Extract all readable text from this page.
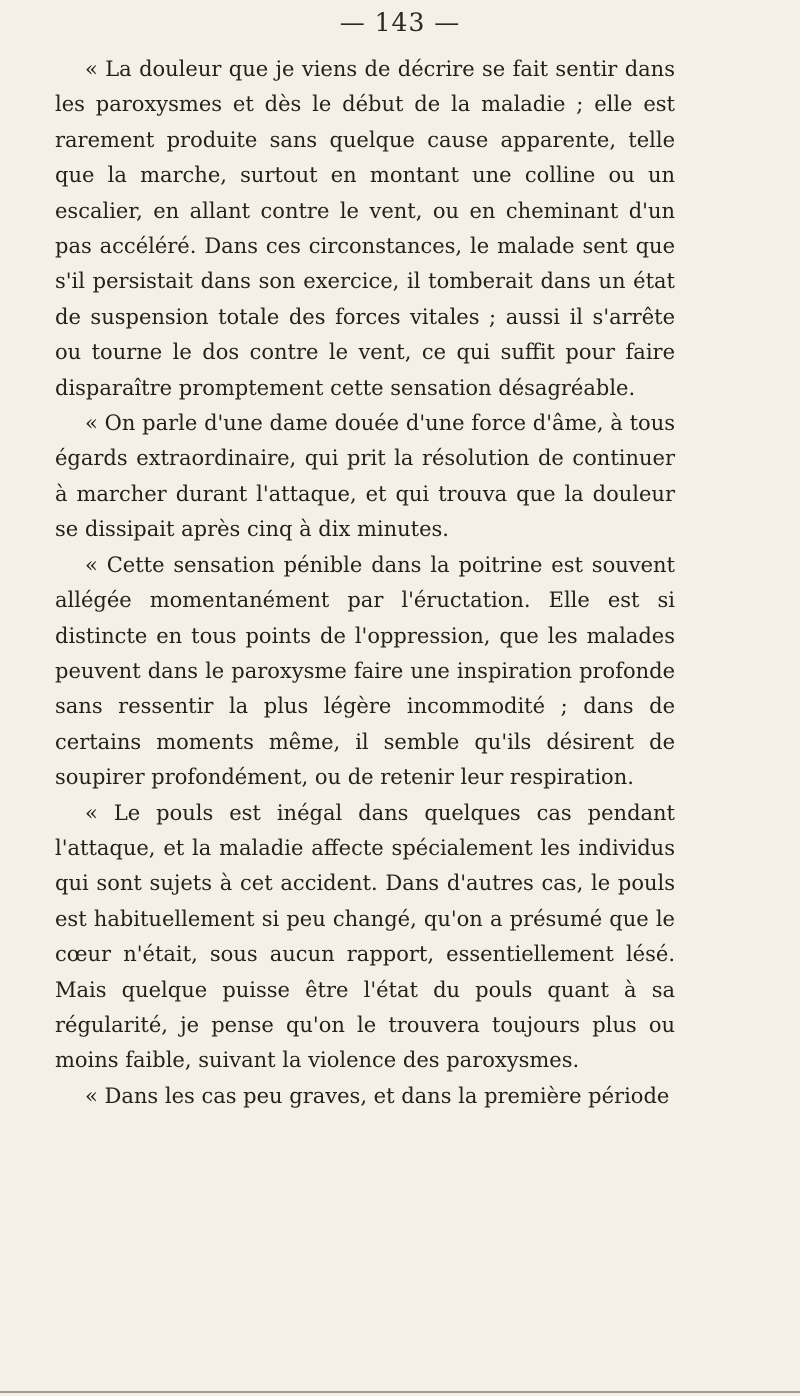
— 143 —

« La douleur que je viens de décrire se fait sentir dans les paroxysmes et dès le début de la maladie ; elle est rarement produite sans quelque cause apparente, telle que la marche, surtout en montant une colline ou un escalier, en allant contre le vent, ou en cheminant d'un pas accéléré. Dans ces circonstances, le malade sent que s'il persistait dans son exercice, il tomberait dans un état de suspension totale des forces vitales ; aussi il s'arrête ou tourne le dos contre le vent, ce qui suffit pour faire disparaître promptement cette sensation désagréable.

« On parle d'une dame douée d'une force d'âme, à tous égards extraordinaire, qui prit la résolution de continuer à marcher durant l'attaque, et qui trouva que la douleur se dissipait après cinq à dix minutes.

« Cette sensation pénible dans la poitrine est souvent allégée momentanément par l'éructation. Elle est si distincte en tous points de l'oppression, que les malades peuvent dans le paroxysme faire une inspiration profonde sans ressentir la plus légère incommodité ; dans de certains moments même, il semble qu'ils désirent de soupirer profondément, ou de retenir leur respiration.

« Le pouls est inégal dans quelques cas pendant l'attaque, et la maladie affecte spécialement les individus qui sont sujets à cet accident. Dans d'autres cas, le pouls est habituellement si peu changé, qu'on a présumé que le cœur n'était, sous aucun rapport, essentiellement lésé. Mais quelque puisse être l'état du pouls quant à sa régularité, je pense qu'on le trouvera toujours plus ou moins faible, suivant la violence des paroxysmes.

« Dans les cas peu graves, et dans la première période
